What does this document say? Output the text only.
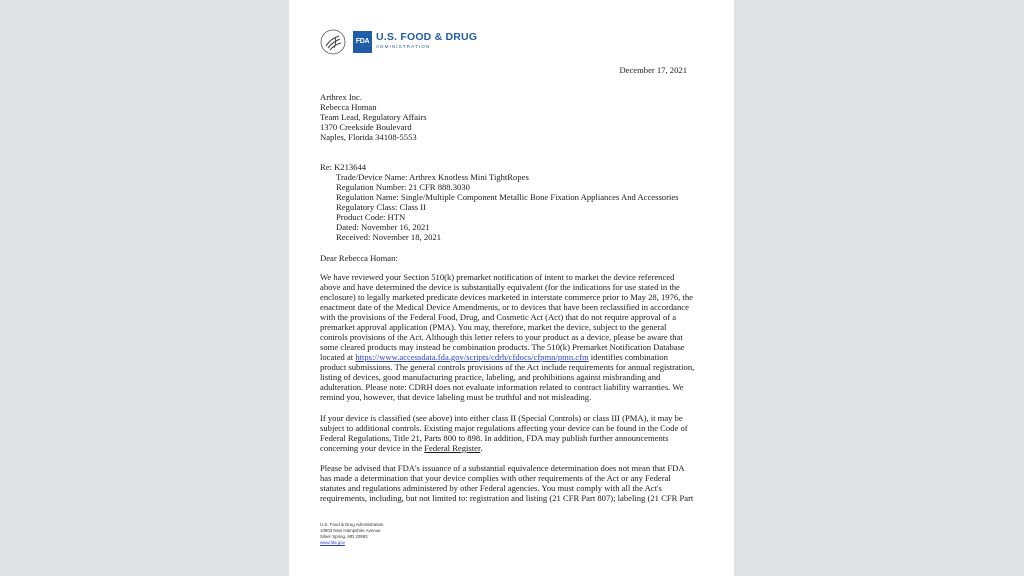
FDA U.S. FOOD & DRUG
ADMINISTRATION
December 17, 2021
Arthrex Inc.
Rebecca Homan
Team Lead, Regulatory Affairs
1370 Creekside Boulevard
Naples, Florida 34108-5553
Re: K213644
Trade/Device Name: Arthrex Knotless Mini TightRopes
Regulation Number: 21 CFR 888.3030
Regulation Name: Single/Multiple Component Metallic Bone Fixation Appliances And Accessories
Regulatory Class: Class II
Product Code: HTN
Dated: November 16, 2021
Received: November 18, 2021
Dear Rebecca Homan:
We have reviewed your Section 510(k) premarket notification of intent to market the device referenced
above and have determined the device is substantially equivalent (for the indications for use stated in the
enclosure) to legally marketed predicate devices marketed in interstate commerce prior to May 28, 1976, the
enactment date of the Medical Device Amendments, or to devices that have been reclassified in accordance
with the provisions of the Federal Food, Drug, and Cosmetic Act (Act) that do not require approval of a
premarket approval application (PMA). You may, therefore, market the device, subject to the general
controls provisions of the Act. Although this letter refers to your product as a device, please be aware that
some cleared products may instead be combination products. The 510(k) Premarket Notification Database
located at https://www.accessdata.fda.gov/scripts/cdrh/cfdocs/cfpmn/pmn.cfm identifies combination
product submissions. The general controls provisions of the Act include requirements for annual registration,
listing of devices, good manufacturing practice, labeling, and prohibitions against misbranding and
adulteration. Please note: CDRH does not evaluate information related to contract liability warranties. We
remind you, however, that device labeling must be truthful and not misleading.
If your device is classified (see above) into either class II (Special Controls) or class III (PMA), it may be
subject to additional controls. Existing major regulations affecting your device can be found in the Code of
Federal Regulations, Title 21, Parts 800 to 898. In addition, FDA may publish further announcements
concerning your device in the Federal Register.
Please be advised that FDA's issuance of a substantial equivalence determination does not mean that FDA
has made a determination that your device complies with other requirements of the Act or any Federal
statutes and regulations administered by other Federal agencies. You must comply with all the Act's
requirements, including, but not limited to: registration and listing (21 CFR Part 807); labeling (21 CFR Part
U.S. Food & Drug Administration
10903 New Hampshire Avenue
Silver Spring, MD 20993
www.fda.gov
